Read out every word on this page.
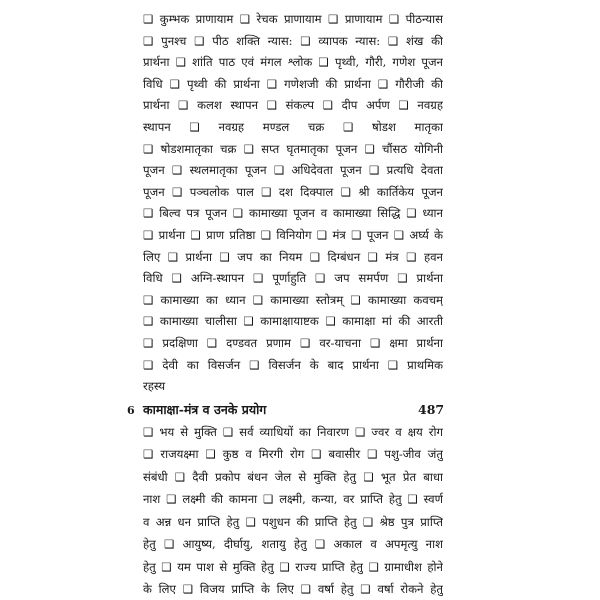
❑ कुम्भक प्राणायाम ❑ रेचक प्राणायाम ❑ प्राणायाम ❑ पीठन्यास
❑ पुनश्च ❑ पीठ शक्ति न्यास: ❑ व्यापक न्यास: ❑ शंख की
प्रार्थना ❑ शांति पाठ एवं मंगल श्लोक ❑ पृथ्वी, गौरी, गणेश पूजन
विधि ❑ पृथ्वी की प्रार्थना ❑ गणेशजी की प्रार्थना ❑ गौरीजी की
प्रार्थना ❑ कलश स्थापन ❑ संकल्प ❑ दीप अर्पण ❑ नवग्रह
स्थापन ❑ नवग्रह मण्डल चक्र ❑ षोडश मातृका
❑ षोडशमातृका चक्र ❑ सप्त घृतमातृका पूजन ❑ चौंसठ योगिनी
पूजन ❑ स्थलमातृका पूजन ❑ अधिदेवता पूजन ❑ प्रत्यधि देवता
पूजन ❑ पञ्चलोक पाल ❑ दश दिक्पाल ❑ श्री कार्तिकेय पूजन
❑ बिल्व पत्र पूजन ❑ कामाख्या पूजन व कामाख्या सिद्धि ❑ ध्यान
❑ प्रार्थना ❑ प्राण प्रतिष्ठा ❑ विनियोग ❑ मंत्र ❑ पूजन ❑ अर्घ्य के
लिए ❑ प्रार्थना ❑ जप का नियम ❑ दिग्बंधन ❑ मंत्र ❑ हवन
विधि ❑ अग्नि-स्थापन ❑ पूर्णाहुति ❑ जप समर्पण ❑ प्रार्थना
❑ कामाख्या का ध्यान ❑ कामाख्या स्तोत्रम् ❑ कामाख्या कवचम्
❑ कामाख्या चालीसा ❑ कामाक्षायाष्टक ❑ कामाक्षा मां की आरती
❑ प्रदक्षिणा ❑ दण्डवत प्रणाम ❑ वर-याचना ❑ क्षमा प्रार्थना
❑ देवी का विसर्जन ❑ विसर्जन के बाद प्रार्थना ❑ प्राथमिक
6 कामाक्षा-मंत्र व उनके प्रयोग	487
❑ भय से मुक्ति ❑ सर्व व्याधियों का निवारण ❑ ज्वर व क्षय रोग
❑ राजयक्ष्मा ❑ कुष्ठ व मिरगी रोग ❑ बवासीर ❑ पशु-जीव जंतु
संबंधी ❑ दैवी प्रकोप बंधन जेल से मुक्ति हेतु ❑ भूत प्रेत बाधा
नाश ❑ लक्ष्मी की कामना ❑ लक्ष्मी, कन्या, वर प्राप्ति हेतु ❑ स्वर्ण
व अन्न धन प्राप्ति हेतु ❑ पशुधन की प्राप्ति हेतु ❑ श्रेष्ठ पुत्र प्राप्ति
हेतु ❑ आयुष्य, दीर्घायु, शतायु हेतु ❑ अकाल व अपमृत्यु नाश
हेतु ❑ यम पाश से मुक्ति हेतु ❑ राज्य प्राप्ति हेतु ❑ ग्रामाधीश होने
के लिए ❑ विजय प्राप्ति के लिए ❑ वर्षा हेतु ❑ वर्षा रोकने हेतु
रहस्य
